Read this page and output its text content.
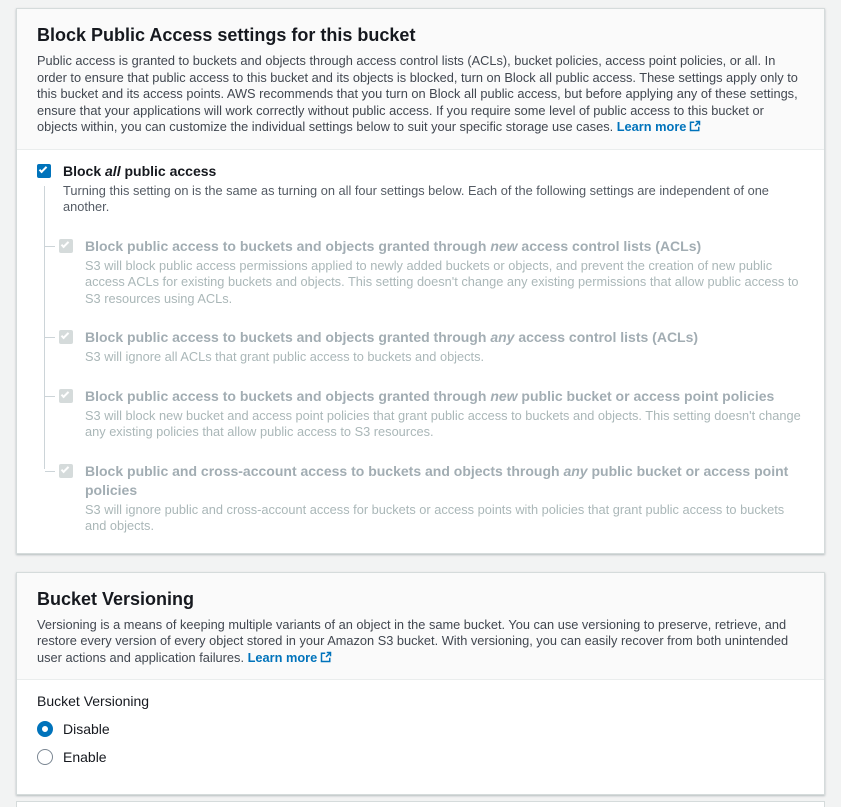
Block Public Access settings for this bucket

Public access is granted to buckets and objects through access control lists (ACLs), bucket policies, access point policies, or all. In order to ensure that public access to this bucket and its objects is blocked, turn on Block all public access. These settings apply only to this bucket and its access points. AWS recommends that you turn on Block all public access, but before applying any of these settings, ensure that your applications will work correctly without public access. If you require some level of public access to this bucket or objects within, you can customize the individual settings below to suit your specific storage use cases. Learn more

Block all public access

Turning this setting on is the same as turning on all four settings below. Each of the following settings are independent of one another.

Block public access to buckets and objects granted through new access control lists (ACLs)

S3 will block public access permissions applied to newly added buckets or objects, and prevent the creation of new public access ACLs for existing buckets and objects. This setting doesn't change any existing permissions that allow public access to S3 resources using ACLs.

Block public access to buckets and objects granted through any access control lists (ACLs)

S3 will ignore all ACLs that grant public access to buckets and objects.

Block public access to buckets and objects granted through new public bucket or access point policies

S3 will block new bucket and access point policies that grant public access to buckets and objects. This setting doesn't change any existing policies that allow public access to S3 resources.

Block public and cross-account access to buckets and objects through any public bucket or access point policies

S3 will ignore public and cross-account access for buckets or access points with policies that grant public access to buckets and objects.

Bucket Versioning

Versioning is a means of keeping multiple variants of an object in the same bucket. You can use versioning to preserve, retrieve, and restore every version of every object stored in your Amazon S3 bucket. With versioning, you can easily recover from both unintended user actions and application failures. Learn more

Bucket Versioning
Disable
Enable
